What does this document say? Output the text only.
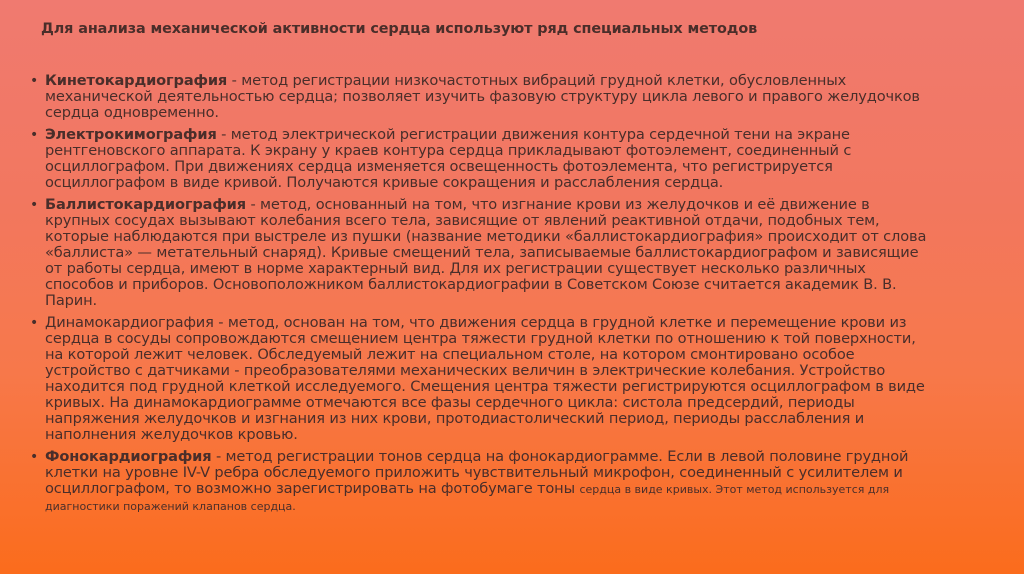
Для анализа механической активности сердца используют ряд специальных методов
• Кинетокардиография - метод регистрации низкочастотных вибраций грудной клетки, обусловленных механической деятельностью сердца; позволяет изучить фазовую структуру цикла левого и правого желудочков сердца одновременно.
• Электрокимография - метод электрической регистрации движения контура сердечной тени на экране рентгеновского аппарата. К экрану у краев контура сердца прикладывают фотоэлемент, соединенный с осциллографом. При движениях сердца изменяется освещенность фотоэлемента, что регистрируется осциллографом в виде кривой. Получаются кривые сокращения и расслабления сердца.
• Баллистокардиография - метод, основанный на том, что изгнание крови из желудочков и её движение в крупных сосудах вызывают колебания всего тела, зависящие от явлений реактивной отдачи, подобных тем, которые наблюдаются при выстреле из пушки (название методики «баллистокардиография» происходит от слова «баллиста» — метательный снаряд). Кривые смещений тела, записываемые баллистокардиографом и зависящие от работы сердца, имеют в норме характерный вид. Для их регистрации существует несколько различных способов и приборов. Основоположником баллистокардиографии в Советском Союзе считается академик В. В. Парин.
• Динамокардиография - метод, основан на том, что движения сердца в грудной клетке и перемещение крови из сердца в сосуды сопровождаются смещением центра тяжести грудной клетки по отношению к той поверхности, на которой лежит человек. Обследуемый лежит на специальном столе, на котором смонтировано особое устройство с датчиками - преобразователями механических величин в электрические колебания. Устройство находится под грудной клеткой исследуемого. Смещения центра тяжести регистрируются осциллографом в виде кривых. На динамокардиограмме отмечаются все фазы сердечного цикла: систола предсердий, периоды напряжения желудочков и изгнания из них крови, протодиастолический период, периоды расслабления и наполнения желудочков кровью.
• Фонокардиография - метод регистрации тонов сердца на фонокардиограмме. Если в левой половине грудной клетки на уровне IV-V ребра обследуемого приложить чувствительный микрофон, соединенный с усилителем и осциллографом, то возможно зарегистрировать на фотобумаге тоны сердца в виде кривых. Этот метод используется для диагностики поражений клапанов сердца.
